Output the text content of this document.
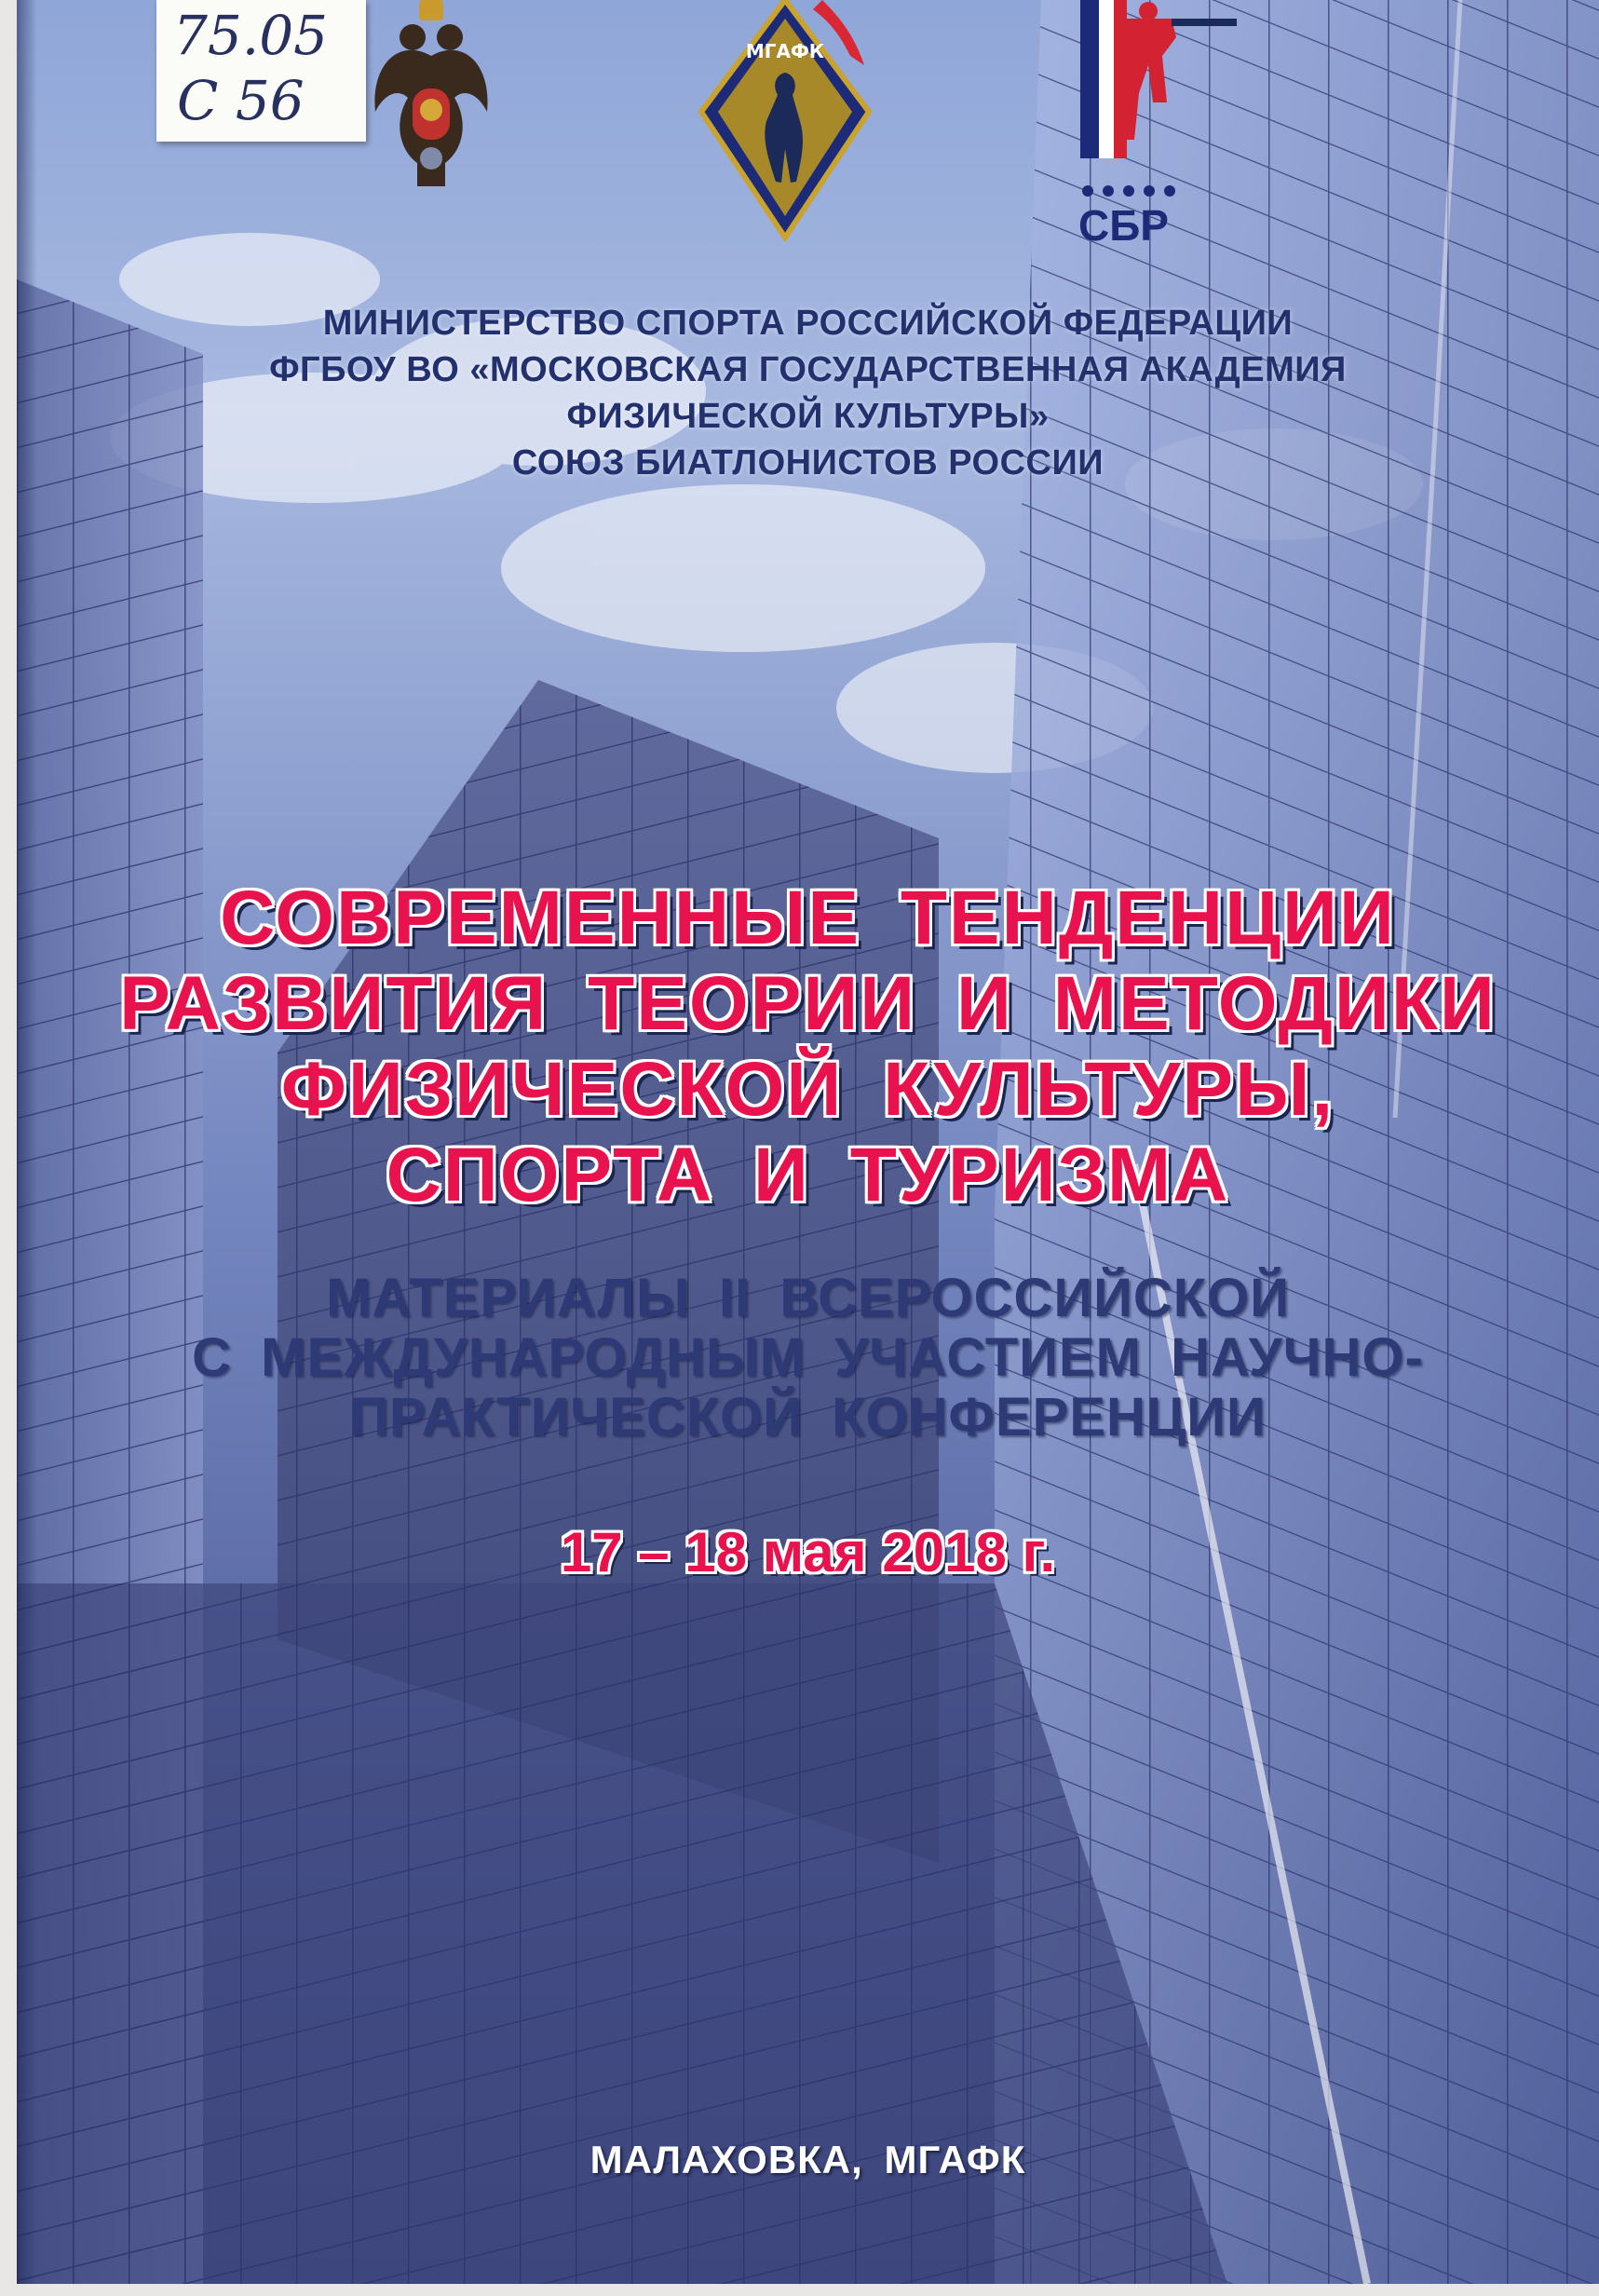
75.05
С 56
МГАФК
СБР
МИНИСТЕРСТВО СПОРТА РОССИЙСКОЙ ФЕДЕРАЦИИ
ФГБОУ ВО «МОСКОВСКАЯ ГОСУДАРСТВЕННАЯ АКАДЕМИЯ
ФИЗИЧЕСКОЙ КУЛЬТУРЫ»
СОЮЗ БИАТЛОНИСТОВ РОССИИ
СОВРЕМЕННЫЕ ТЕНДЕНЦИИ
РАЗВИТИЯ ТЕОРИИ И МЕТОДИКИ
ФИЗИЧЕСКОЙ КУЛЬТУРЫ,
СПОРТА И ТУРИЗМА
МАТЕРИАЛЫ II ВСЕРОССИЙСКОЙ
С МЕЖДУНАРОДНЫМ УЧАСТИЕМ НАУЧНО-
ПРАКТИЧЕСКОЙ КОНФЕРЕНЦИИ
17 – 18 мая 2018 г.
МАЛАХОВКА, МГАФК
